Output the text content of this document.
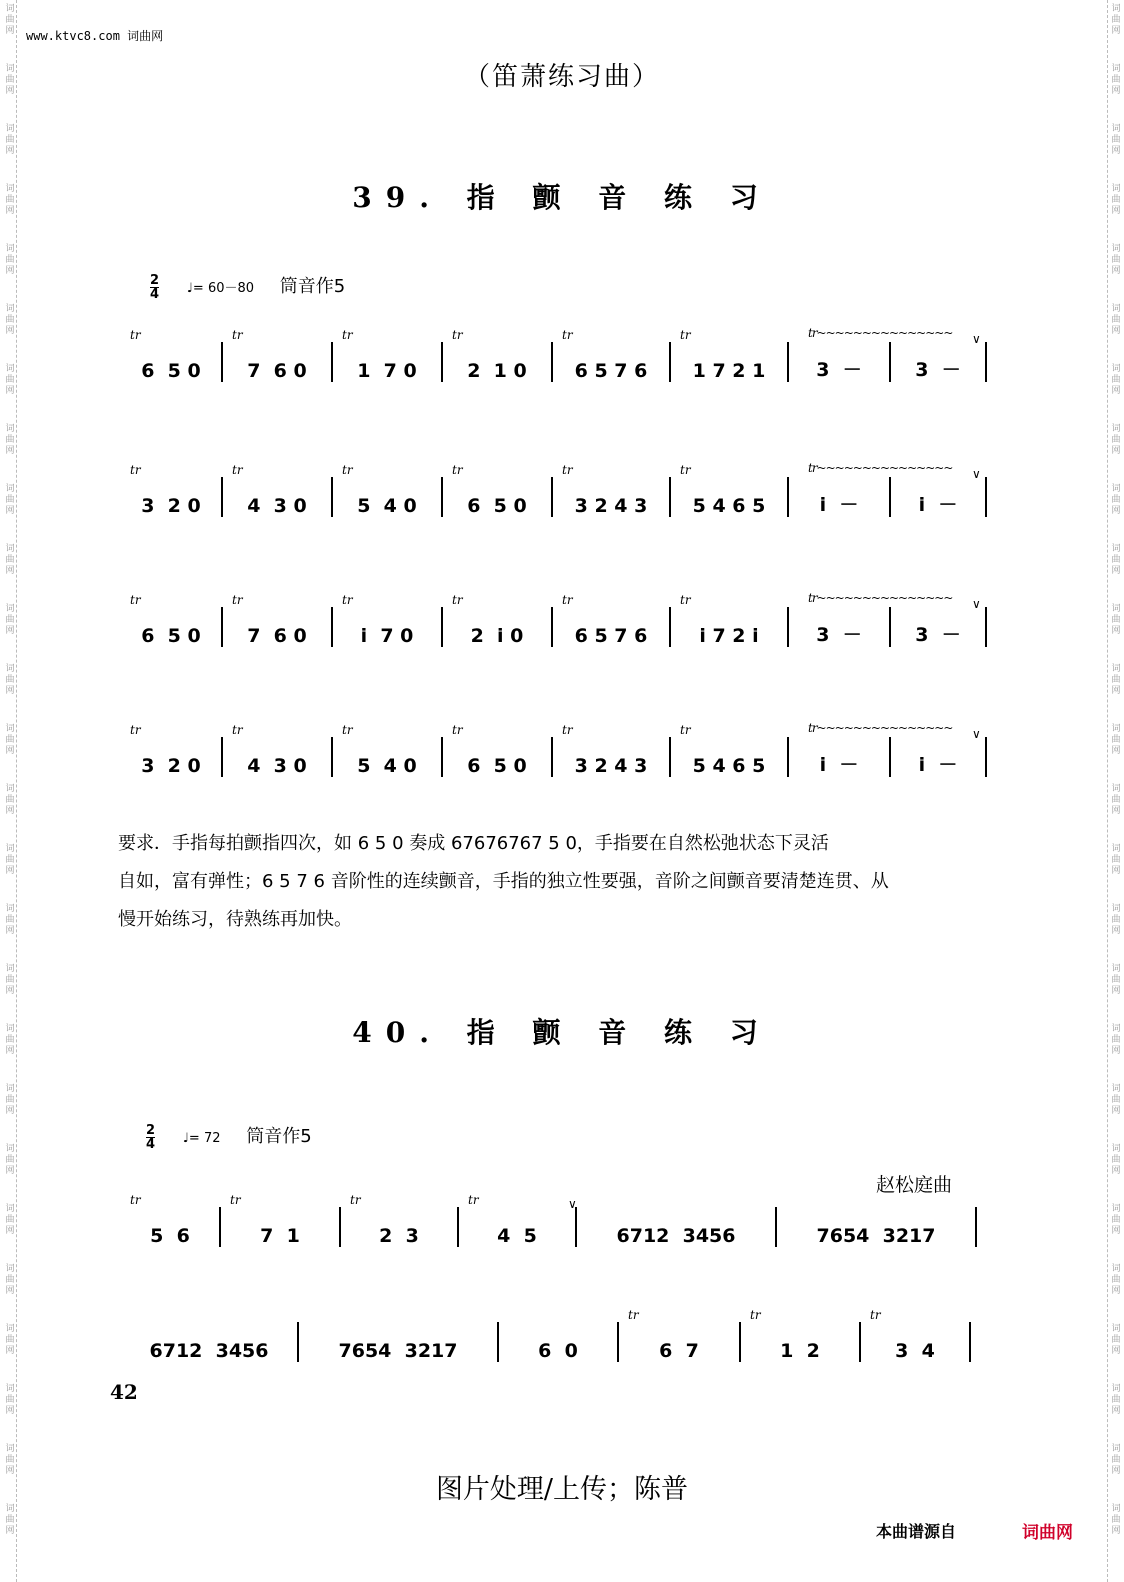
词
曲
网
词
曲
网
词
曲
网
词
曲
网
词
曲
网
词
曲
网
词
曲
网
词
曲
网
词
曲
网
词
曲
网
词
曲
网
词
曲
网
词
曲
网
词
曲
网
词
曲
网
词
曲
网
词
曲
网
词
曲
网
词
曲
网
词
曲
网
词
曲
网
词
曲
网
词
曲
网
词
曲
网
词
曲
网
词
曲
网
词
曲
网
词
曲
网
词
曲
网
词
曲
网
词
曲
网
词
曲
网
词
曲
网
词
曲
网
词
曲
网
词
曲
网
词
曲
网
词
曲
网
词
曲
网
词
曲
网
词
曲
网
词
曲
网
词
曲
网
词
曲
网
词
曲
网
词
曲
网
词
曲
网
词
曲
网
词
曲
网
词
曲
网
词
曲
网
词
曲
网
www.ktvc8.com 词曲网
（笛萧练习曲）
39. 指 颤 音 练 习
$\frac{2}{4}$ ♩= 60－80 筒音作5
6  5 0
tr
7  6 0
tr
1  7 0
tr
2  1 0
tr
6 5 7 6
tr
1 7 2 1
tr
3  －	3  －
tr~~~~~~~~~~~~~~~ ∨
3  2 0
tr
4  3 0
tr
5  4 0
tr
6  5 0
tr
3 2 4 3
tr
5 4 6 5
tr
i  －	i  －
tr~~~~~~~~~~~~~~~ ∨
6  5 0
tr
7  6 0
tr
i  7 0
tr
2  i 0
tr
6 5 7 6
tr
i 7 2 i
tr
3  －	3  －
tr~~~~~~~~~~~~~~~ ∨
3  2 0
tr
4  3 0
tr
5  4 0
tr
6  5 0
tr
3 2 4 3
tr
5 4 6 5
tr
i  －	i  －
tr~~~~~~~~~~~~~~~ ∨
要求．手指每拍颤指四次，如 6 5 0 奏成 67676767 5 0，手指要在自然松弛状态下灵活
自如，富有弹性；6 5 7 6 音阶性的连续颤音，手指的独立性要强，音阶之间颤音要清楚连贯、从
慢开始练习，待熟练再加快。
40. 指 颤 音 练 习
$\frac{2}{4}$ ♩= 72 筒音作5
赵松庭曲
5  6
tr
7  1
tr
2  3
tr
4  5
tr
6712  3456	7654  3217
∨
6712  3456	7654  3217	6  0	6  7
tr
1  2
tr
3  4
tr
42
图片处理/上传；陈普
本曲谱源自	词曲网
